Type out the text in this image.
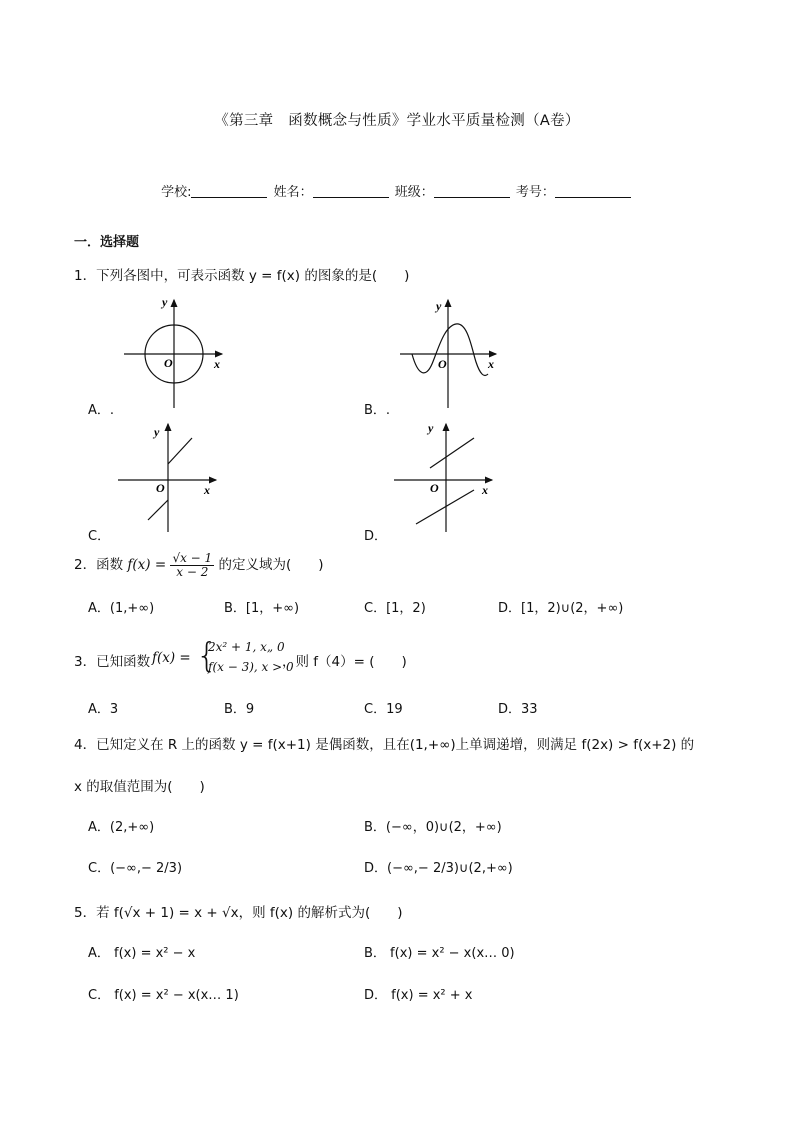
《第三章　函数概念与性质》学业水平质量检测（A卷）
学校:	姓名：	班级：	考号：
一．选择题
1．下列各图中，可表示函数 y = f(x) 的图象的是(　　)
y
x
O
A．.
y
x
O
B．.
y
x
O
C．
y
x
O
D．
2．函数 $f(x) = \frac{√x - 1}{x - 2}$ 的定义域为(　　)
A．(1,+∞)	B．[1，+∞)	C．[1，2)	D．[1，2)∪(2，+∞)
3．已知函数 f(x) = {
2x² + 1, x„ 0
f(x − 3), x > 0
，则 f（4）= (　　)
A．3	B．9	C．19	D．33
4．已知定义在 R 上的函数 y = f(x+1) 是偶函数，且在(1,+∞)上单调递增，则满足 f(2x) > f(x+2) 的
x 的取值范围为(　　)
A．(2,+∞)	B．(−∞，0)∪(2，+∞)
C．(−∞,− 2/3)	D．(−∞,− 2/3)∪(2,+∞)
5．若 f(√x + 1) = x + √x，则 f(x) 的解析式为(　　)
A． f(x) = x² − x	B． f(x) = x² − x(x… 0)
C． f(x) = x² − x(x… 1)	D． f(x) = x² + x
